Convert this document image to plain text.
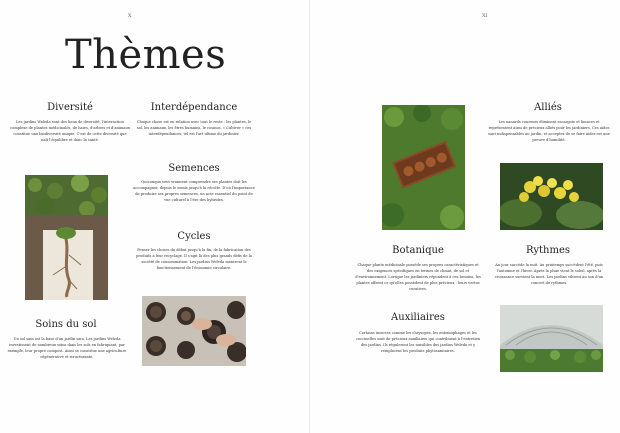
X
Thèmes
Diversité
Les jardins Weleda sont des lieux de diversité, l'interaction complexe de plantes médicinales, de haies, d'arbres et d'animaux constitue une biodiversité unique. C'est de cette diversité que naît l'équilibre et donc la santé.
Interdépendance
Chaque chose est en relation avec tout le reste : les plantes, le sol, les animaux, les êtres humains, le cosmos. « Cultiver » ces interdépendances, tel est l'art ultime du jardinier.
Semences
Quiconque veut vraiment comprendre ses plantes doit les accompagner, depuis le semis jusqu'à la récolte. D'où l'importance de produire ses propres semences, un acte essentiel du point de vue culturel à l'ère des hybrides.
Cycles
Penser les choses du début jusqu'à la fin, de la fabrication des produits à leur recyclage. Il s'agit là des plus grands défis de la société de consommation. Les jardins Weleda montrent le fonctionnement de l'économie circulaire.
Soins du sol
Un sol sain est la base d'un jardin sain. Les jardins Weleda investissent de nombreux soins dans les sols en fabriquant, par exemple, leur propre compost. Ainsi se constitue une agriculture régénérative et structurante.
XI
Alliés
Les nanards coureurs éliminent escargots et limaces et représentent ainsi de précieux alliés pour les jardiniers. Ces aides sont indispensables au jardin, et acceptez de se faire aider est une preuve d'humilité.
Botanique
Chaque plante médicinale possède ses propres caractéristiques et des exigences spécifiques en termes de climat, de sol et d'environnement. Lorsque les jardiniers répondent à ces besoins, les plantes offrent ce qu'elles possèdent de plus précieux : leurs vertus curatives.
Rythmes
Au jour succède la nuit. Au printemps succèdent l'été, puis l'automne et l'hiver. Après la pluie vient le soleil, après la croissance survient la mort. Les jardins vibrent au son d'un concert de rythmes.
Auxiliaires
Certains insectes comme les chrysopes, les entomophages et les coccinelles sont de précieux auxiliaires qui contribuent à l'entretien des jardins. Ils réguleront les nuisibles des jardins Weleda et y remplacent les produits phytosanitaires.
